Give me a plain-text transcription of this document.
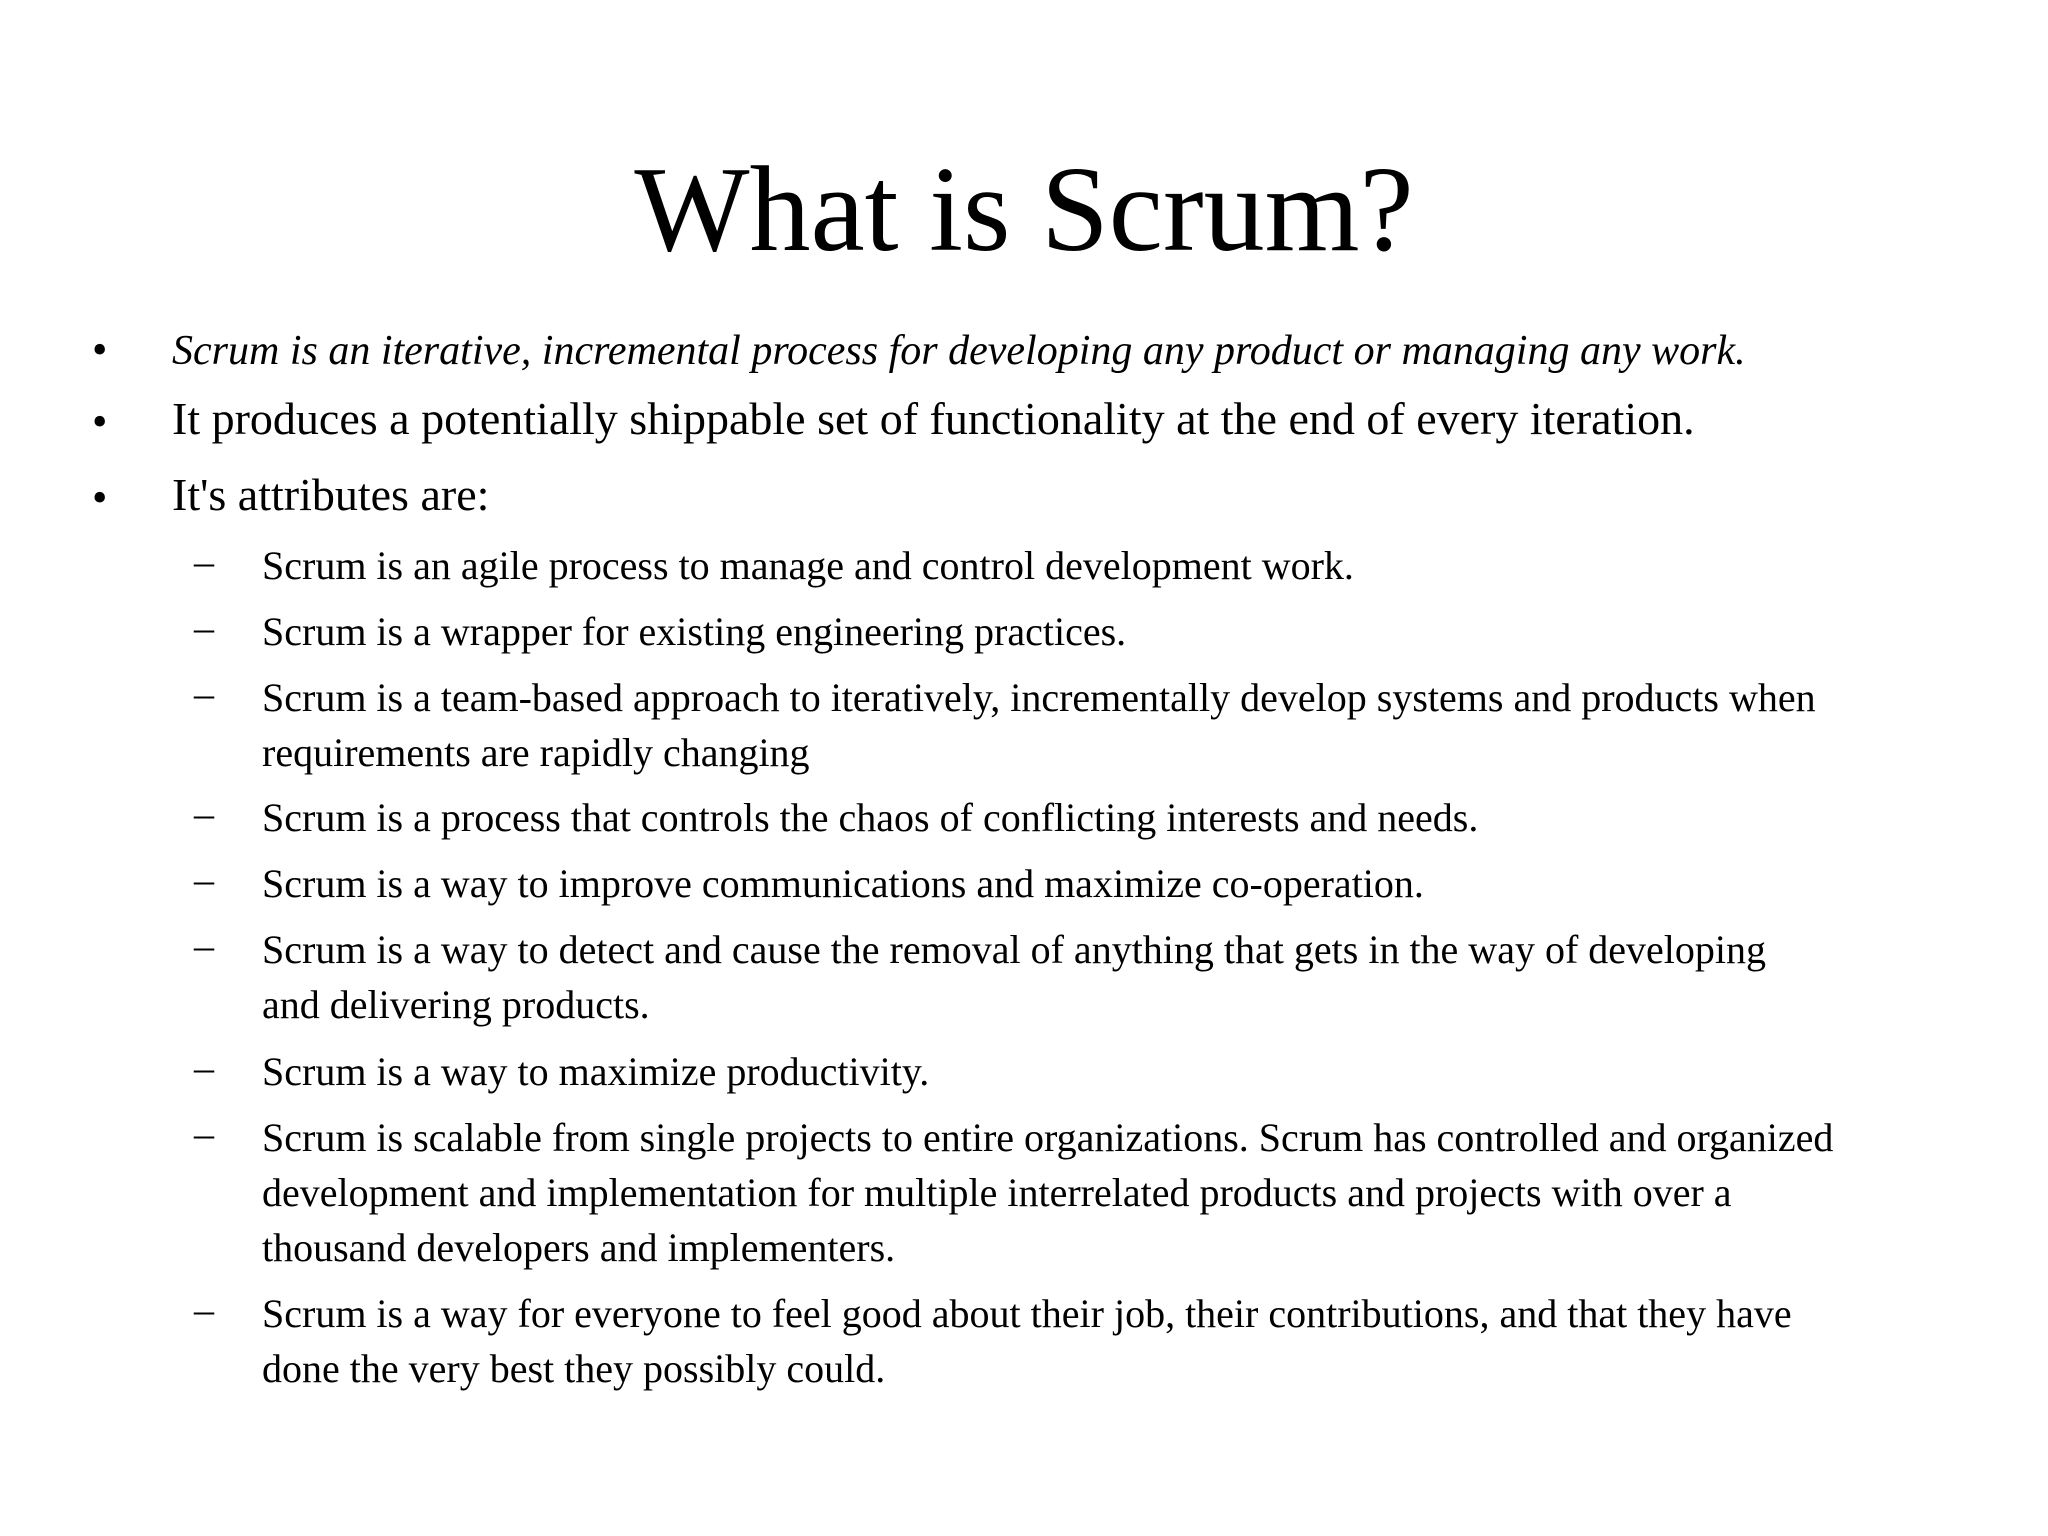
What is Scrum?
• Scrum is an iterative, incremental process for developing any product or managing any work.
• It produces a potentially shippable set of functionality at the end of every iteration.
• It's attributes are:
– Scrum is an agile process to manage and control development work.
– Scrum is a wrapper for existing engineering practices.
– Scrum is a team-based approach to iteratively, incrementally develop systems and products when
requirements are rapidly changing
– Scrum is a process that controls the chaos of conflicting interests and needs.
– Scrum is a way to improve communications and maximize co-operation.
– Scrum is a way to detect and cause the removal of anything that gets in the way of developing
and delivering products.
– Scrum is a way to maximize productivity.
– Scrum is scalable from single projects to entire organizations. Scrum has controlled and organized
development and implementation for multiple interrelated products and projects with over a
thousand developers and implementers.
– Scrum is a way for everyone to feel good about their job, their contributions, and that they have
done the very best they possibly could.
